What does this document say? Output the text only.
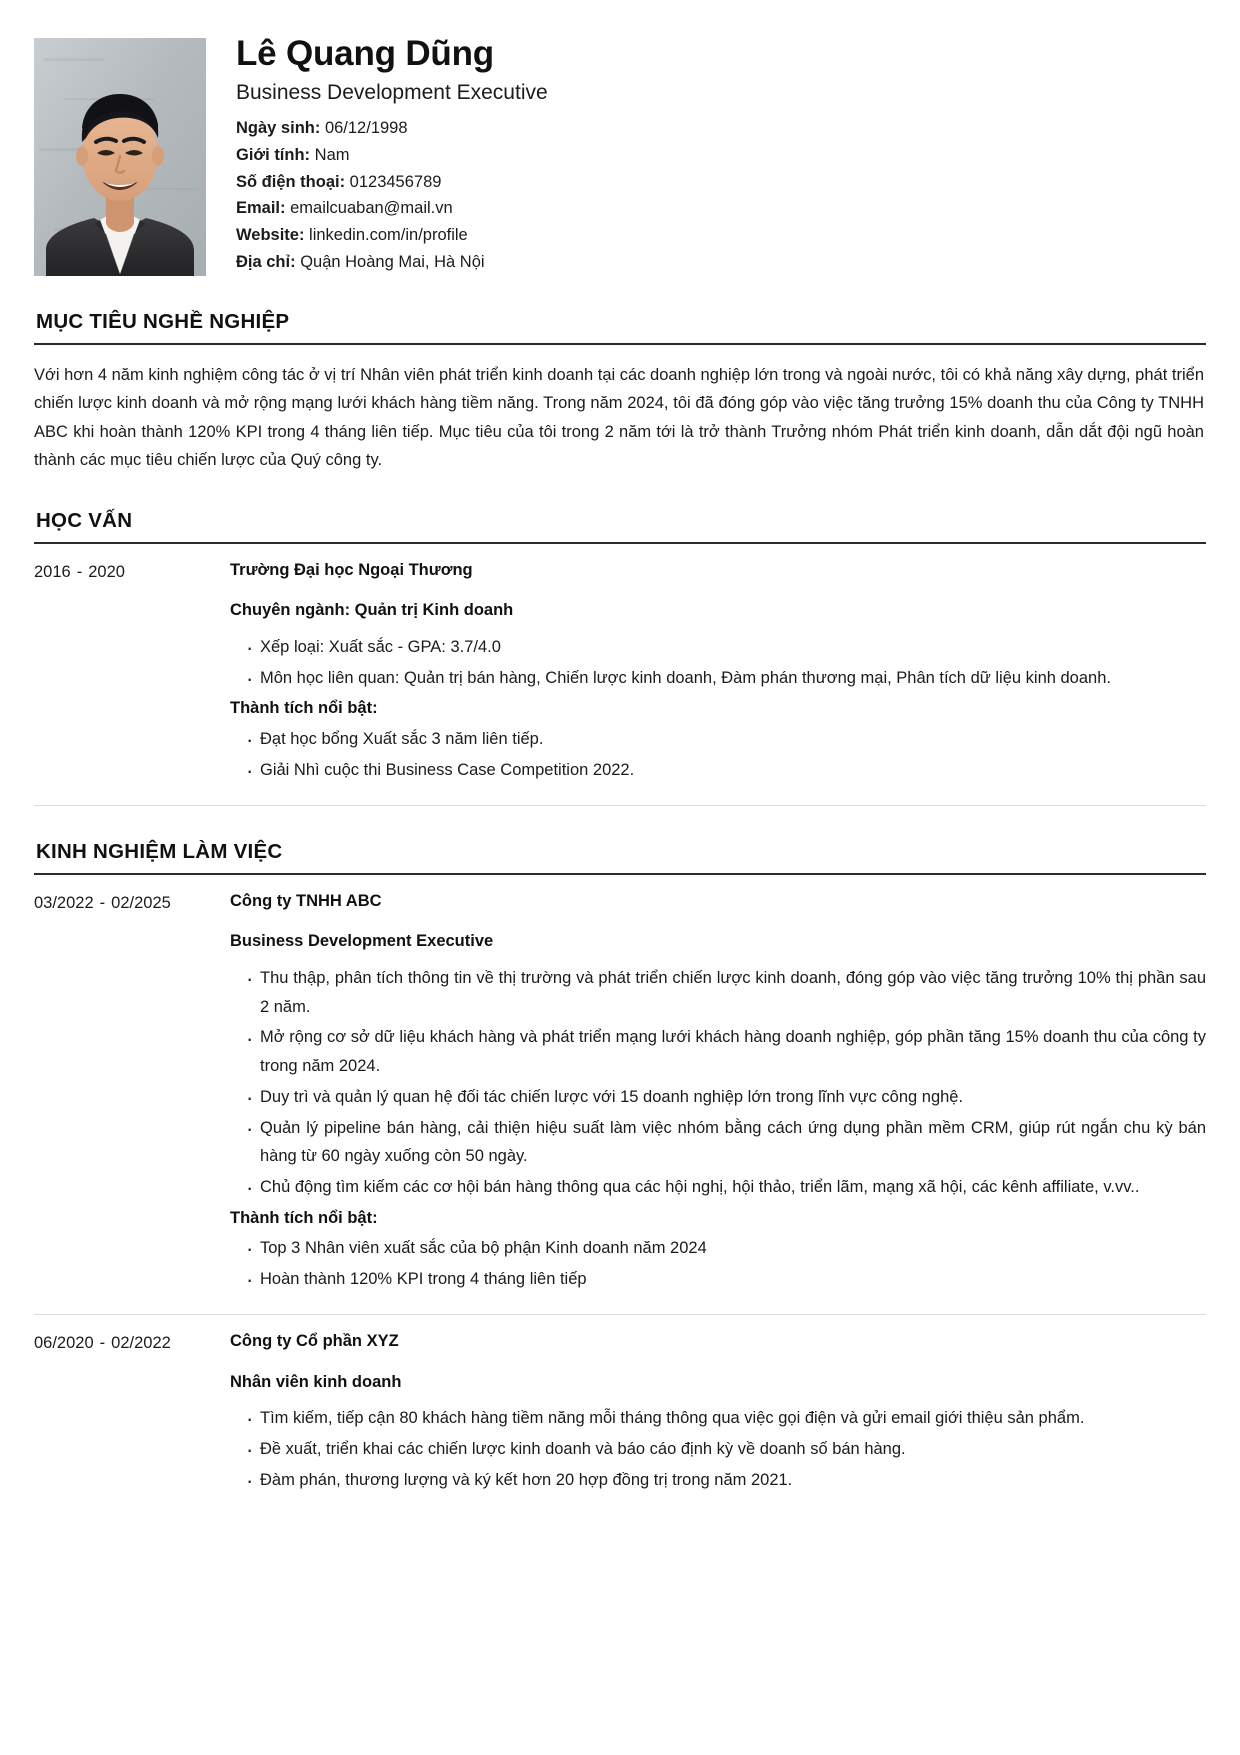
Lê Quang Dũng
Business Development Executive
Ngày sinh: 06/12/1998
Giới tính: Nam
Số điện thoại: 0123456789
Email: emailcuaban@mail.vn
Website: linkedin.com/in/profile
Địa chỉ: Quận Hoàng Mai, Hà Nội
MỤC TIÊU NGHỀ NGHIỆP

Với hơn 4 năm kinh nghiệm công tác ở vị trí Nhân viên phát triển kinh doanh tại các doanh nghiệp lớn trong và ngoài nước, tôi có khả năng xây dựng, phát triển chiến lược kinh doanh và mở rộng mạng lưới khách hàng tiềm năng. Trong năm 2024, tôi đã đóng góp vào việc tăng trưởng 15% doanh thu của Công ty TNHH ABC khi hoàn thành 120% KPI trong 4 tháng liên tiếp. Mục tiêu của tôi trong 2 năm tới là trở thành Trưởng nhóm Phát triển kinh doanh, dẫn dắt đội ngũ hoàn thành các mục tiêu chiến lược của Quý công ty.

HỌC VẤN
2016 - 2020	Trường Đại học Ngoại Thương
Chuyên ngành: Quản trị Kinh doanh
· Xếp loại: Xuất sắc - GPA: 3.7/4.0
· Môn học liên quan: Quản trị bán hàng, Chiến lược kinh doanh, Đàm phán thương mại, Phân tích dữ liệu kinh doanh.
Thành tích nổi bật:
· Đạt học bổng Xuất sắc 3 năm liên tiếp.
· Giải Nhì cuộc thi Business Case Competition 2022.
KINH NGHIỆM LÀM VIỆC
03/2022 - 02/2025	Công ty TNHH ABC
Business Development Executive
· Thu thập, phân tích thông tin về thị trường và phát triển chiến lược kinh doanh, đóng góp vào việc tăng trưởng 10% thị phần sau 2 năm.
· Mở rộng cơ sở dữ liệu khách hàng và phát triển mạng lưới khách hàng doanh nghiệp, góp phần tăng 15% doanh thu của công ty trong năm 2024.
· Duy trì và quản lý quan hệ đối tác chiến lược với 15 doanh nghiệp lớn trong lĩnh vực công nghệ.
· Quản lý pipeline bán hàng, cải thiện hiệu suất làm việc nhóm bằng cách ứng dụng phần mềm CRM, giúp rút ngắn chu kỳ bán hàng từ 60 ngày xuống còn 50 ngày.
· Chủ động tìm kiếm các cơ hội bán hàng thông qua các hội nghị, hội thảo, triển lãm, mạng xã hội, các kênh affiliate, v.vv..
Thành tích nổi bật:
· Top 3 Nhân viên xuất sắc của bộ phận Kinh doanh năm 2024
· Hoàn thành 120% KPI trong 4 tháng liên tiếp
06/2020 - 02/2022	Công ty Cổ phần XYZ
Nhân viên kinh doanh
· Tìm kiếm, tiếp cận 80 khách hàng tiềm năng mỗi tháng thông qua việc gọi điện và gửi email giới thiệu sản phẩm.
· Đề xuất, triển khai các chiến lược kinh doanh và báo cáo định kỳ về doanh số bán hàng.
· Đàm phán, thương lượng và ký kết hơn 20 hợp đồng trị trong năm 2021.
